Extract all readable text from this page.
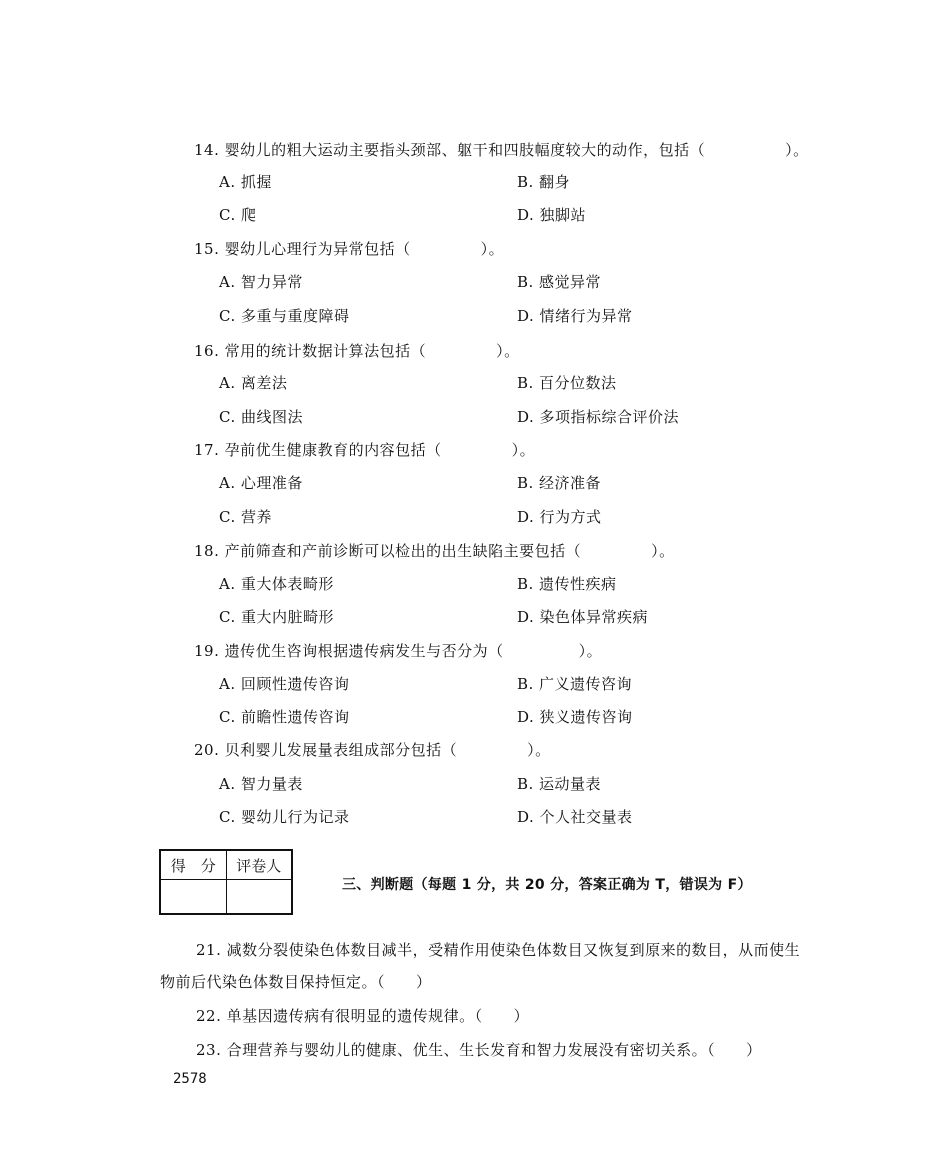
14. 婴幼儿的粗大运动主要指头颈部、躯干和四肢幅度较大的动作，包括（	）。
A. 抓握	B. 翻身
C. 爬	D. 独脚站
15. 婴幼儿心理行为异常包括（	）。
A. 智力异常	B. 感觉异常
C. 多重与重度障碍	D. 情绪行为异常
16. 常用的统计数据计算法包括（	）。
A. 离差法	B. 百分位数法
C. 曲线图法	D. 多项指标综合评价法
17. 孕前优生健康教育的内容包括（	）。
A. 心理准备	B. 经济准备
C. 营养	D. 行为方式
18. 产前筛查和产前诊断可以检出的出生缺陷主要包括（	）。
A. 重大体表畸形	B. 遗传性疾病
C. 重大内脏畸形	D. 染色体异常疾病
19. 遗传优生咨询根据遗传病发生与否分为（	）。
A. 回顾性遗传咨询	B. 广义遗传咨询
C. 前瞻性遗传咨询	D. 狭义遗传咨询
20. 贝利婴儿发展量表组成部分包括（	）。
A. 智力量表	B. 运动量表
C. 婴幼儿行为记录	D. 个人社交量表
得　分	评卷人

三、判断题（每题 1 分，共 20 分，答案正确为 T，错误为 F）
21. 减数分裂使染色体数目减半，受精作用使染色体数目又恢复到原来的数目，从而使生
物前后代染色体数目保持恒定。（　　）
22. 单基因遗传病有很明显的遗传规律。（　　）
23. 合理营养与婴幼儿的健康、优生、生长发育和智力发展没有密切关系。（　　）
2578
